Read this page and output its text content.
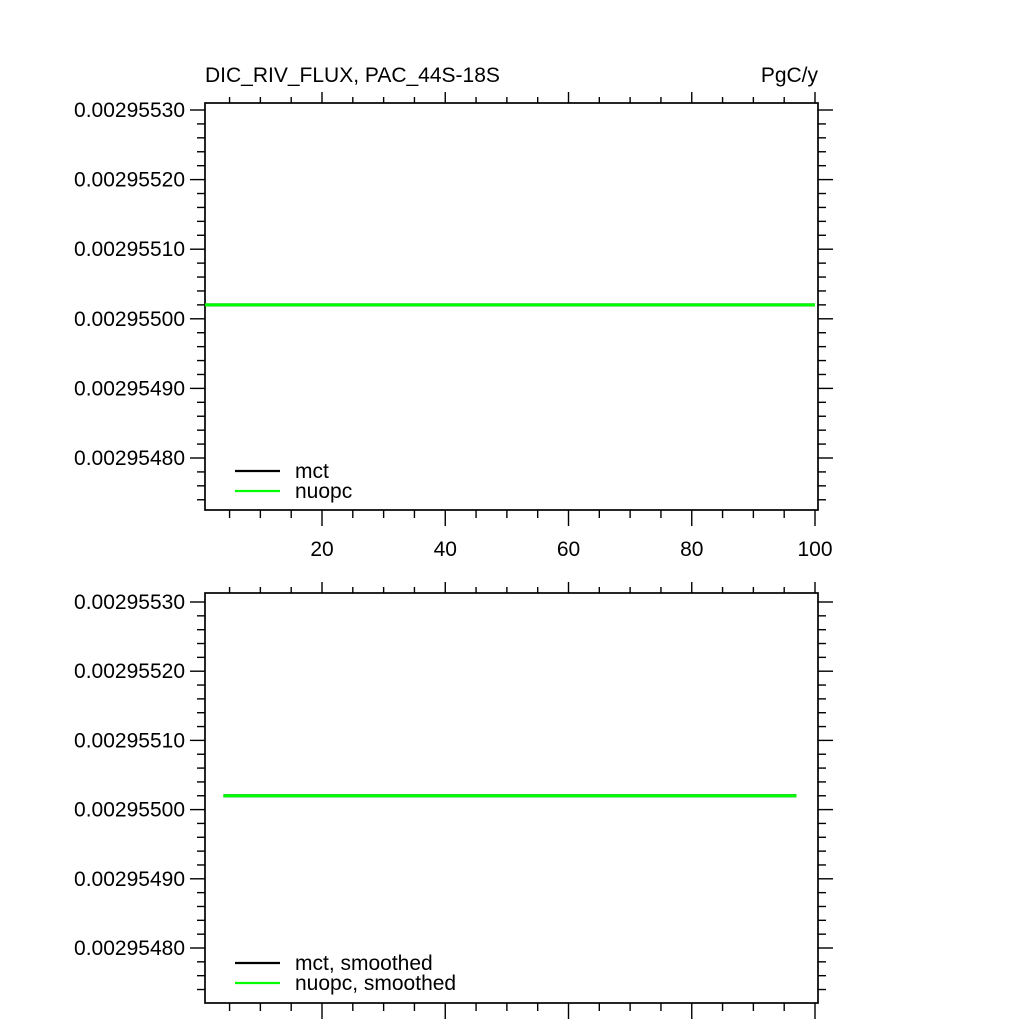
0.00295530
0.00295520
0.00295510
0.00295500
0.00295490
0.00295480
20	40	60	80	100
DIC_RIV_FLUX, PAC_44S-18S	PgC/y
mct
nuopc
0.00295530
0.00295520
0.00295510
0.00295500
0.00295490
0.00295480
mct, smoothed
nuopc, smoothed
